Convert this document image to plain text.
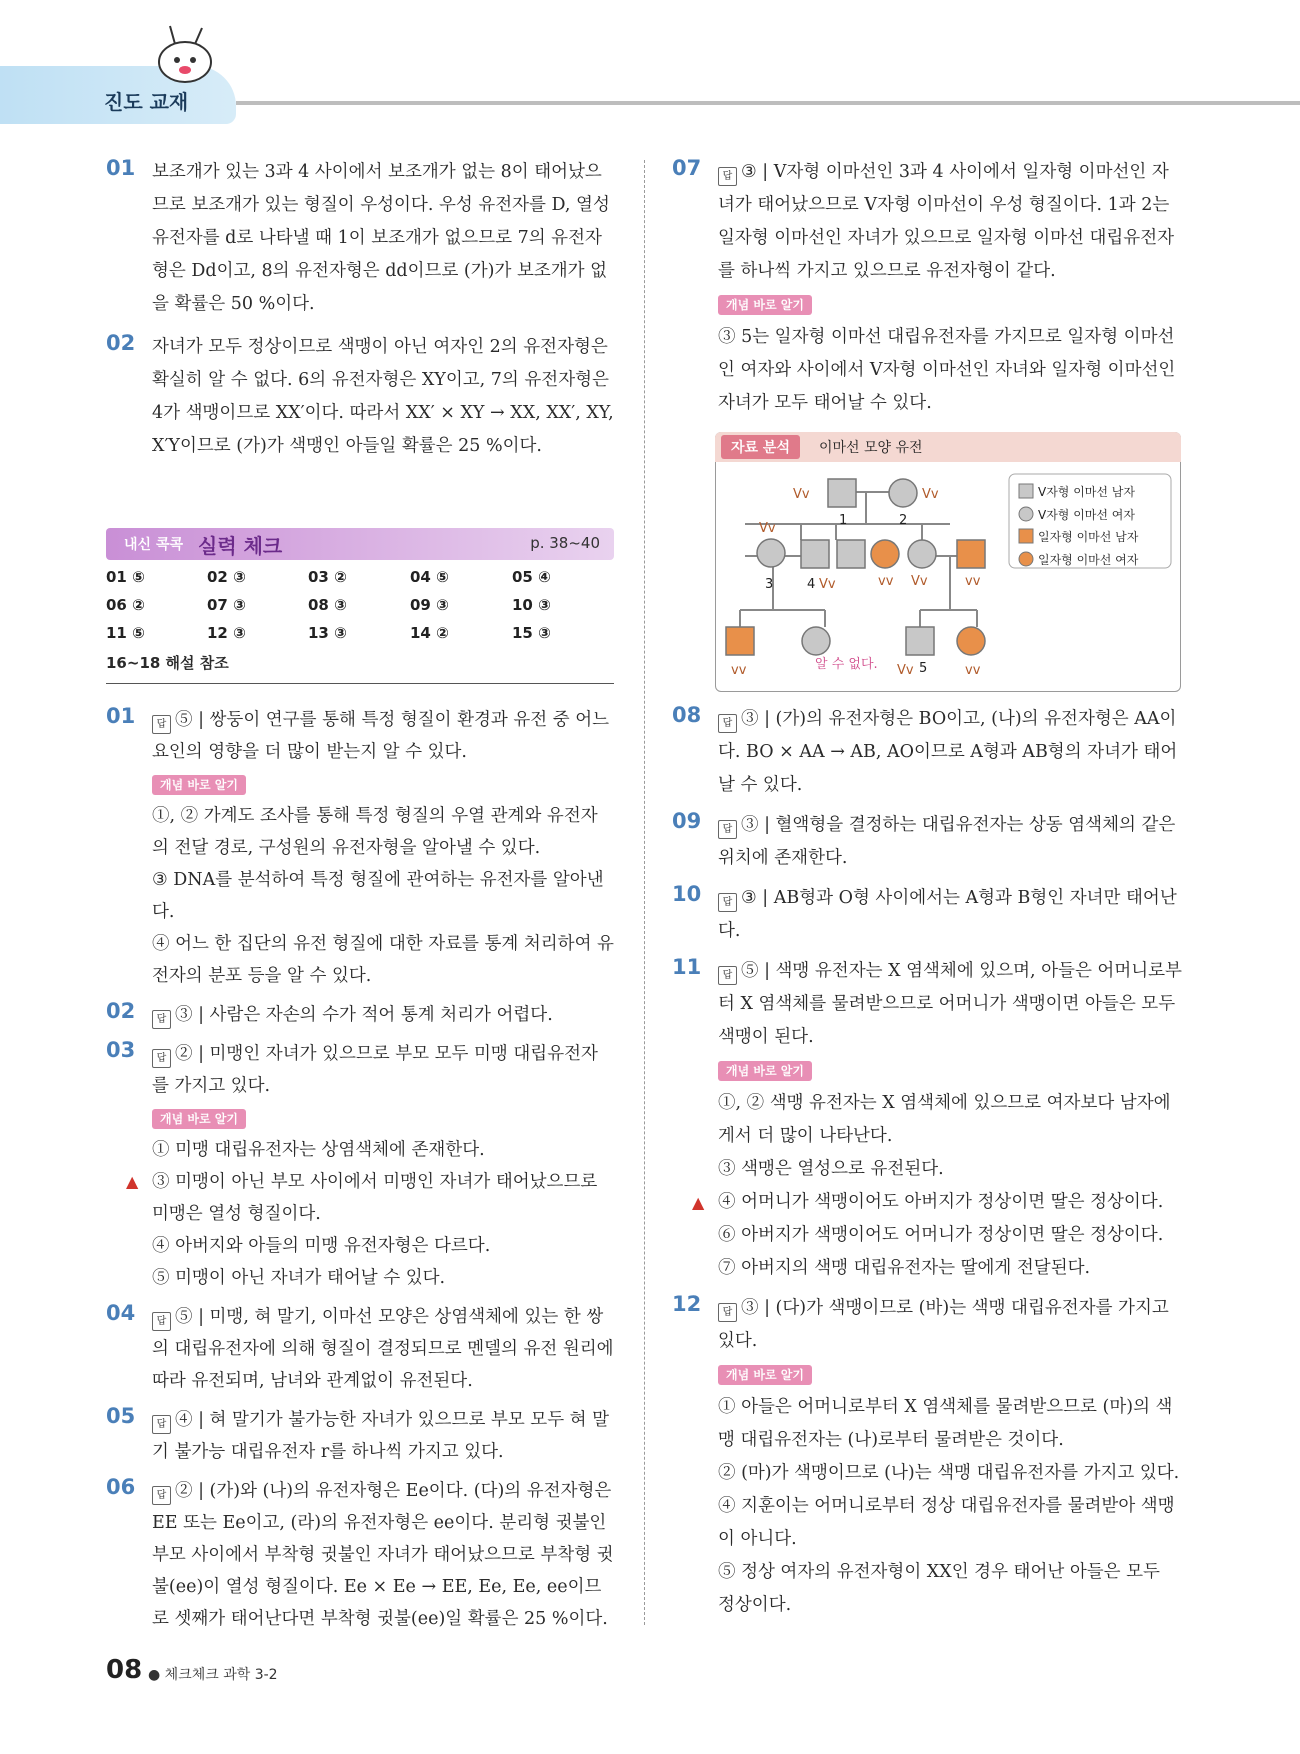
진도 교재
01 보조개가 있는 3과 4 사이에서 보조개가 없는 8이 태어났으므로 보조개가 있는 형질이 우성이다. 우성 유전자를 D, 열성 유전자를 d로 나타낼 때 1이 보조개가 없으므로 7의 유전자형은 Dd이고, 8의 유전자형은 dd이므로 (가)가 보조개가 없을 확률은 50 %이다.
02 자녀가 모두 정상이므로 색맹이 아닌 여자인 2의 유전자형은 확실히 알 수 없다. 6의 유전자형은 XY이고, 7의 유전자형은 4가 색맹이므로 XX′이다. 따라서 XX′ × XY → XX, XX′, XY, X′Y이므로 (가)가 색맹인 아들일 확률은 25 %이다.
내신 콕콕 실력 체크	p. 38~40
01 ⑤	02 ③	03 ②	04 ⑤	05 ④
06 ②	07 ③	08 ③	09 ③	10 ③
11 ⑤	12 ③	13 ③	14 ②	15 ③
16~18 해설 참조
01 답 ⑤ | 쌍둥이 연구를 통해 특정 형질이 환경과 유전 중 어느 요인의 영향을 더 많이 받는지 알 수 있다.
개념 바로 알기
①, ② 가계도 조사를 통해 특정 형질의 우열 관계와 유전자의 전달 경로, 구성원의 유전자형을 알아낼 수 있다.
③ DNA를 분석하여 특정 형질에 관여하는 유전자를 알아낸다.
④ 어느 한 집단의 유전 형질에 대한 자료를 통계 처리하여 유전자의 분포 등을 알 수 있다.
02 답 ③ | 사람은 자손의 수가 적어 통계 처리가 어렵다.
03 답 ② | 미맹인 자녀가 있으므로 부모 모두 미맹 대립유전자를 가지고 있다.
개념 바로 알기
① 미맹 대립유전자는 상염색체에 존재한다.

▲ ③ 미맹이 아닌 부모 사이에서 미맹인 자녀가 태어났으므로 미맹은 열성 형질이다.
④ 아버지와 아들의 미맹 유전자형은 다르다.
⑤ 미맹이 아닌 자녀가 태어날 수 있다.
04 답 ⑤ | 미맹, 혀 말기, 이마선 모양은 상염색체에 있는 한 쌍의 대립유전자에 의해 형질이 결정되므로 멘델의 유전 원리에 따라 유전되며, 남녀와 관계없이 유전된다.
05 답 ④ | 혀 말기가 불가능한 자녀가 있으므로 부모 모두 혀 말기 불가능 대립유전자 r를 하나씩 가지고 있다.
06 답 ② | (가)와 (나)의 유전자형은 Ee이다. (다)의 유전자형은 EE 또는 Ee이고, (라)의 유전자형은 ee이다. 분리형 귓불인 부모 사이에서 부착형 귓불인 자녀가 태어났으므로 부착형 귓불(ee)이 열성 형질이다. Ee × Ee → EE, Ee, Ee, ee이므로 셋째가 태어난다면 부착형 귓불(ee)일 확률은 25 %이다.
07 답 ③ | V자형 이마선인 3과 4 사이에서 일자형 이마선인 자녀가 태어났으므로 V자형 이마선이 우성 형질이다. 1과 2는 일자형 이마선인 자녀가 있으므로 일자형 이마선 대립유전자를 하나씩 가지고 있으므로 유전자형이 같다.
개념 바로 알기
③ 5는 일자형 이마선 대립유전자를 가지므로 일자형 이마선인 여자와 사이에서 V자형 이마선인 자녀와 일자형 이마선인 자녀가 모두 태어날 수 있다.
자료 분석	이마선 모양 유전
Vv	Vv
1	2
Vv
3	4 Vv	vv Vv	vv
vv	알 수 없다. Vv 5	vv
V자형 이마선 남자
V자형 이마선 여자
일자형 이마선 남자
일자형 이마선 여자
08 답 ③ | (가)의 유전자형은 BO이고, (나)의 유전자형은 AA이다. BO × AA → AB, AO이므로 A형과 AB형의 자녀가 태어날 수 있다.
09 답 ③ | 혈액형을 결정하는 대립유전자는 상동 염색체의 같은 위치에 존재한다.
10 답 ③ | AB형과 O형 사이에서는 A형과 B형인 자녀만 태어난다.
11 답 ⑤ | 색맹 유전자는 X 염색체에 있으며, 아들은 어머니로부터 X 염색체를 물려받으므로 어머니가 색맹이면 아들은 모두 색맹이 된다.
개념 바로 알기
①, ② 색맹 유전자는 X 염색체에 있으므로 여자보다 남자에게서 더 많이 나타난다.
③ 색맹은 열성으로 유전된다.

▲ ④ 어머니가 색맹이어도 아버지가 정상이면 딸은 정상이다.
⑥ 아버지가 색맹이어도 어머니가 정상이면 딸은 정상이다.
⑦ 아버지의 색맹 대립유전자는 딸에게 전달된다.
12 답 ③ | (다)가 색맹이므로 (바)는 색맹 대립유전자를 가지고 있다.
개념 바로 알기
① 아들은 어머니로부터 X 염색체를 물려받으므로 (마)의 색맹 대립유전자는 (나)로부터 물려받은 것이다.
② (마)가 색맹이므로 (나)는 색맹 대립유전자를 가지고 있다.
④ 지훈이는 어머니로부터 정상 대립유전자를 물려받아 색맹이 아니다.
⑤ 정상 여자의 유전자형이 XX인 경우 태어난 아들은 모두 정상이다.
08 ● 체크체크 과학 3-2
